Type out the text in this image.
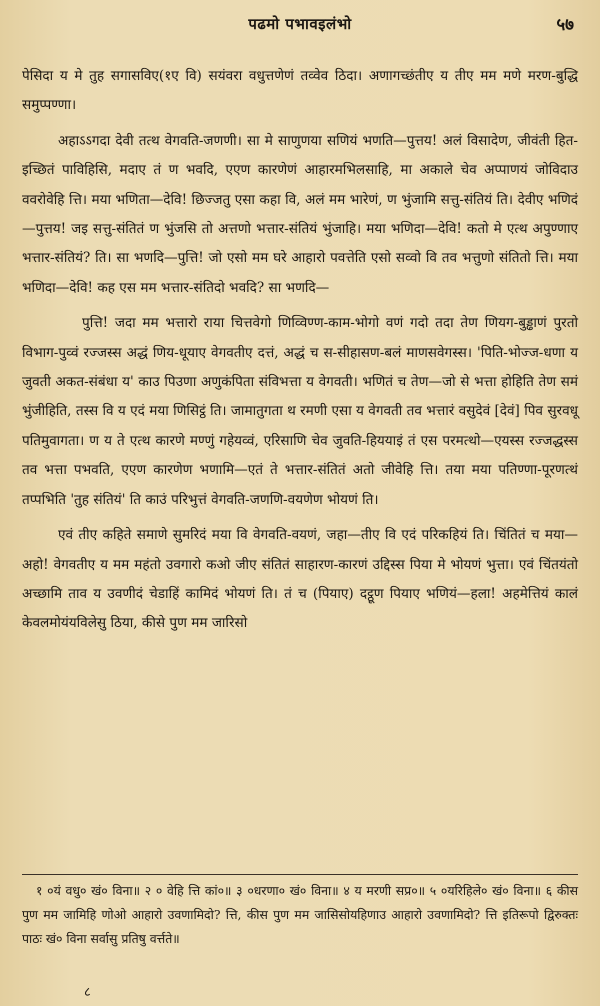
पढमो पभावइलंभो	५७

पेसिदा य मे तुह सगासविए(१ए वि) सयंवरा वधुत्तणेणं तव्वेव ठिदा। अणागच्छंतीए य तीए मम मणे मरण-बुद्धि समुप्पण्णा।

अहाऽऽगदा देवी तत्थ वेगवति-जणणी। सा मे साणुणया सणियं भणति—पुत्तय! अलं विसादेण, जीवंती हित-इच्छितं पाविहिसि, मदाए तं ण भवदि, एएण कारणेणं आहारमभिलसाहि, मा अकाले चेव अप्पाणयं जोविदाउ ववरोवेहि त्ति। मया भणिता—देवि! छिज्जतु एसा कहा वि, अलं मम भारेणं, ण भुंजामि सत्तु-संतियं ति। देवीए भणिदं—पुत्तय! जइ सत्तु-संतितं ण भुंजसि तो अत्तणो भत्तार-संतियं भुंजाहि। मया भणिदा—देवि! कतो मे एत्थ अपुण्णाए भत्तार-संतियं? ति। सा भणदि—पुत्ति! जो एसो मम घरे आहारो पवत्तेति एसो सव्वो वि तव भत्तुणो संतितो त्ति। मया भणिदा—देवि! कह एस मम भत्तार-संतिदो भवदि? सा भणदि—

पुत्ति! जदा मम भत्तारो राया चित्तवेगो णिव्विण्ण-काम-भोगो वणं गदो तदा तेण णियग-बुड्ढाणं पुरतो विभाग-पुव्वं रज्जस्स अद्धं णिय-धूयाए वेगवतीए दत्तं, अद्धं च स-सीहासण-बलं माणसवेगस्स। 'पिति-भोज्ज-धणा य जुवती अकत-संबंधा य' काउ पिउणा अणुकंपिता संविभत्ता य वेगवती। भणितं च तेण—जो से भत्ता होहिति तेण समं भुंजीहिति, तस्स वि य एदं मया णिसिट्ठं ति। जामातुगता थ रमणी एसा य वेगवती तव भत्तारं वसुदेवं [देवं] पिव सुरवधू पतिमुवागता। ण य ते एत्थ कारणे मण्णुं गहेयव्वं, एरिसाणि चेव जुवति-हिययाइं तं एस परमत्थो—एयस्स रज्जद्धस्स तव भत्ता पभवति, एएण कारणेण भणामि—एतं ते भत्तार-संतितं अतो जीवेहि त्ति। तया मया पतिण्णा-पूरणत्थं तप्पभिति 'तुह संतियं' ति काउं परिभुत्तं वेगवति-जणणि-वयणेण भोयणं ति।

एवं तीए कहिते समाणे सुमरिदं मया वि वेगवति-वयणं, जहा—तीए वि एदं परिकहियं ति। चिंतितं च मया—अहो! वेगवतीए य मम महंतो उवगारो कओ जीए संतितं साहारण-कारणं उद्दिस्स पिया मे भोयणं भुत्ता। एवं चिंतयंतो अच्छामि ताव य उवणीदं चेडाहिं कामिदं भोयणं ति। तं च (पियाए) दट्ठूण पियाए भणियं—हला! अहमेत्तियं कालं केवलमोयंयविलेसु ठिया, कीसे पुण मम जारिसो

१ ०यं वधु० खं० विना॥ २ ० वेहि त्ति कां०॥ ३ ०धरणा० खं० विना॥ ४ य मरणी सप्र०॥ ५ ०यरिहिले० खं० विना॥ ६ कीस पुण मम जामिहि णोओ आहारो उवणामिदो? त्ति, कीस पुण मम जासिसोयहिणाउ आहारो उवणामिदो? त्ति इतिरूपो द्विरुक्तः पाठः खं० विना सर्वासु प्रतिषु वर्त्तते॥

८
